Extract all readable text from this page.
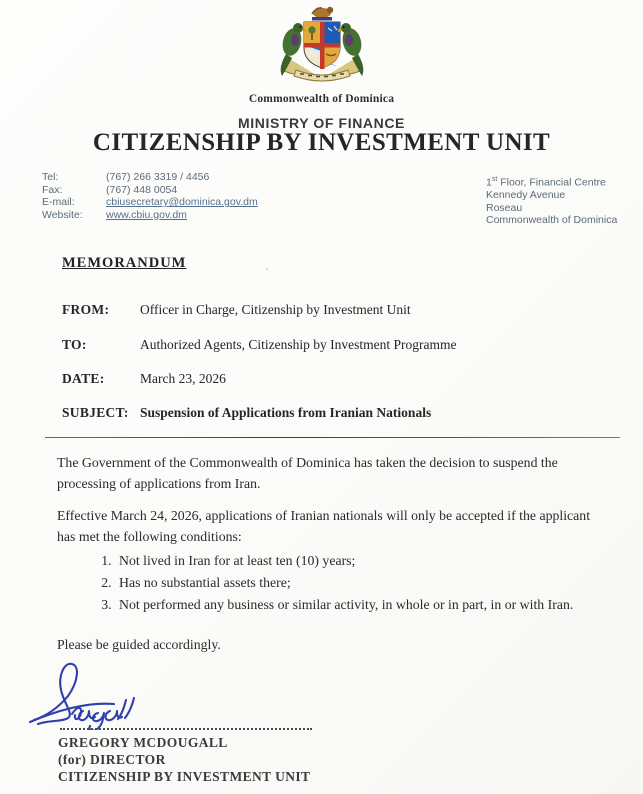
Commonwealth of Dominica
MINISTRY OF FINANCE
CITIZENSHIP BY INVESTMENT UNIT
Tel:	(767) 266 3319 / 4456
Fax:	(767) 448 0054
E-mail:	cbiusecretary@dominica.gov.dm
Website:	www.cbiu.gov.dm
1st Floor, Financial Centre
Kennedy Avenue
Roseau
Commonwealth of Dominica
MEMORANDUM	,
FROM:	Officer in Charge, Citizenship by Investment Unit
TO:	Authorized Agents, Citizenship by Investment Programme
DATE:	March 23, 2026
SUBJECT: Suspension of Applications from Iranian Nationals
The Government of the Commonwealth of Dominica has taken the decision to suspend the processing of applications from Iran.
Effective March 24, 2026, applications of Iranian nationals will only be accepted if the applicant has met the following conditions:
1. Not lived in Iran for at least ten (10) years;
2. Has no substantial assets there;
3. Not performed any business or similar activity, in whole or in part, in or with Iran.
Please be guided accordingly.
GREGORY MCDOUGALL
(for) DIRECTOR
CITIZENSHIP BY INVESTMENT UNIT
